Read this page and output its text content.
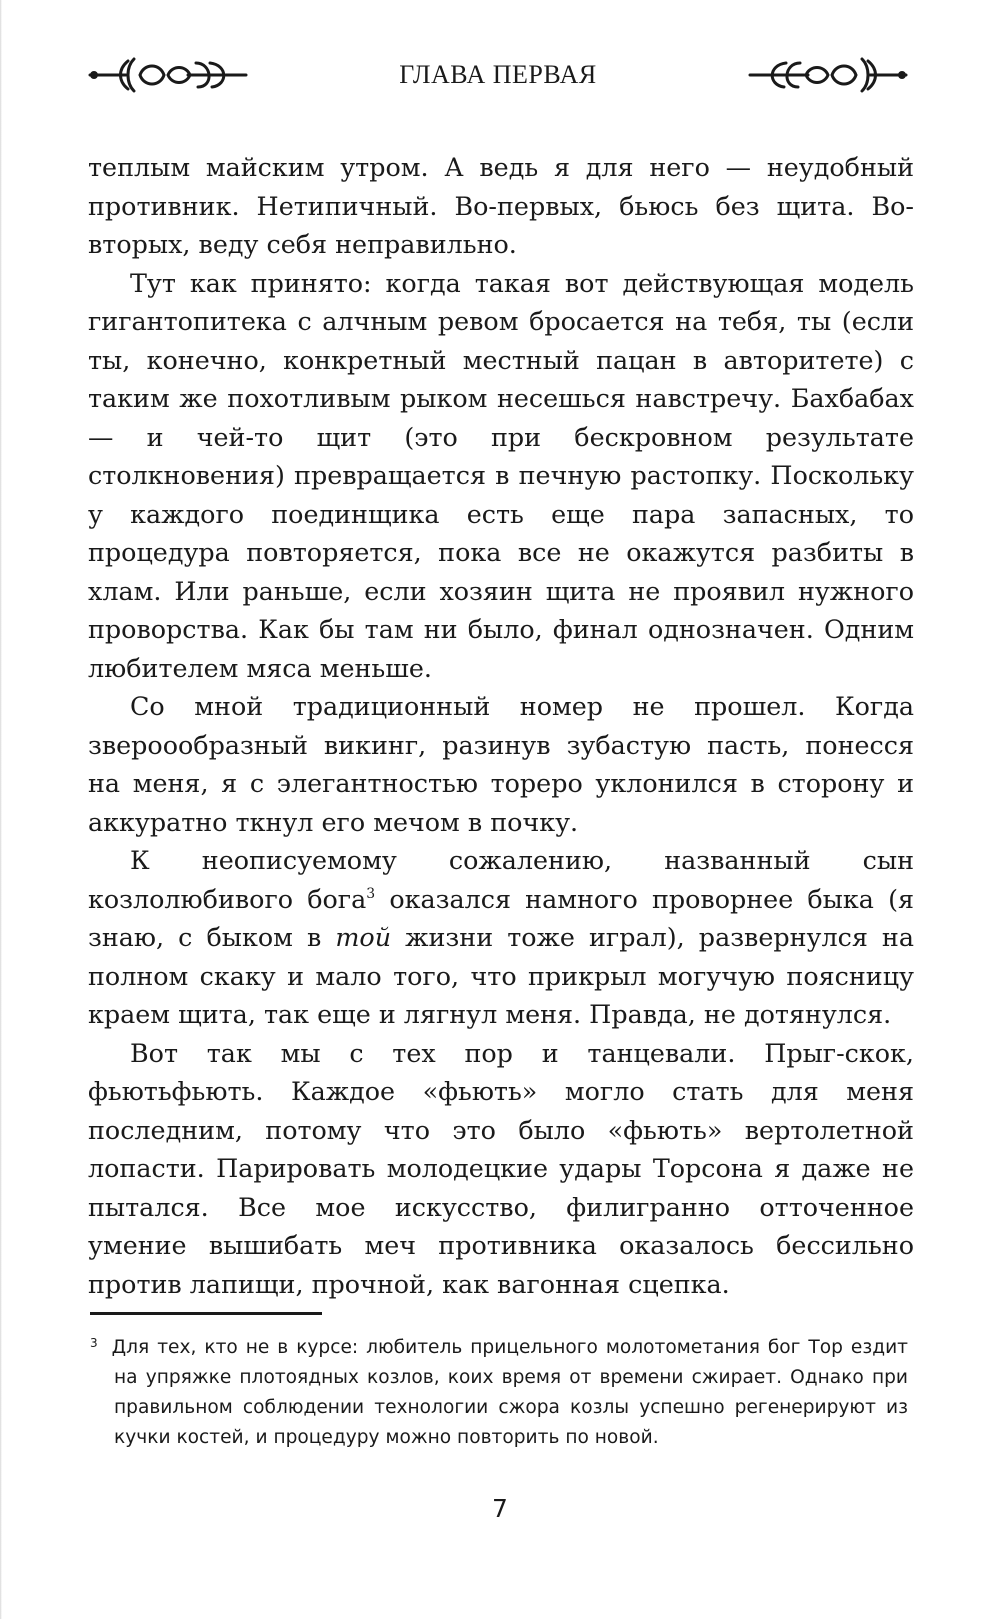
ГЛАВА ПЕРВАЯ

теплым майским утром. А ведь я для него — неудобный противник. Нетипичный. Во-первых, бьюсь без щита. Во-вторых, веду себя неправильно.

Тут как принято: когда такая вот действующая модель гигантопитека с алчным ревом бросается на тебя, ты (если ты, конечно, конкретный местный пацан в авторитете) с таким же похотливым рыком несешься навстречу. Бахбабах — и чей-то щит (это при бескровном результате столкновения) превращается в печную растопку. Поскольку у каждого поединщика есть еще пара запасных, то процедура повторяется, пока все не окажутся разбиты в хлам. Или раньше, если хозяин щита не проявил нужного проворства. Как бы там ни было, финал однозначен. Одним любителем мяса меньше.

Со мной традиционный номер не прошел. Когда звероообразный викинг, разинув зубастую пасть, понесся на меня, я с элегантностью тореро уклонился в сторону и аккуратно ткнул его мечом в почку.

К неописуемому сожалению, названный сын козлолюбивого бога$^3$ оказался намного проворнее быка (я знаю, с быком в той жизни тоже играл), развернулся на полном скаку и мало того, что прикрыл могучую поясницу краем щита, так еще и лягнул меня. Правда, не дотянулся.

Вот так мы с тех пор и танцевали. Прыг-скок, фьютьфьють. Каждое «фьють» могло стать для меня последним, потому что это было «фьють» вертолетной лопасти. Парировать молодецкие удары Торсона я даже не пытался. Все мое искусство, филигранно отточенное умение вышибать меч противника оказалось бессильно против лапищи, прочной, как вагонная сцепка.

$^3$ Для тех, кто не в курсе: любитель прицельного молотометания бог Тор ездит на упряжке плотоядных козлов, коих время от времени сжирает. Однако при правильном соблюдении технологии сжора козлы успешно регенерируют из кучки костей, и процедуру можно повторить по новой.
7
